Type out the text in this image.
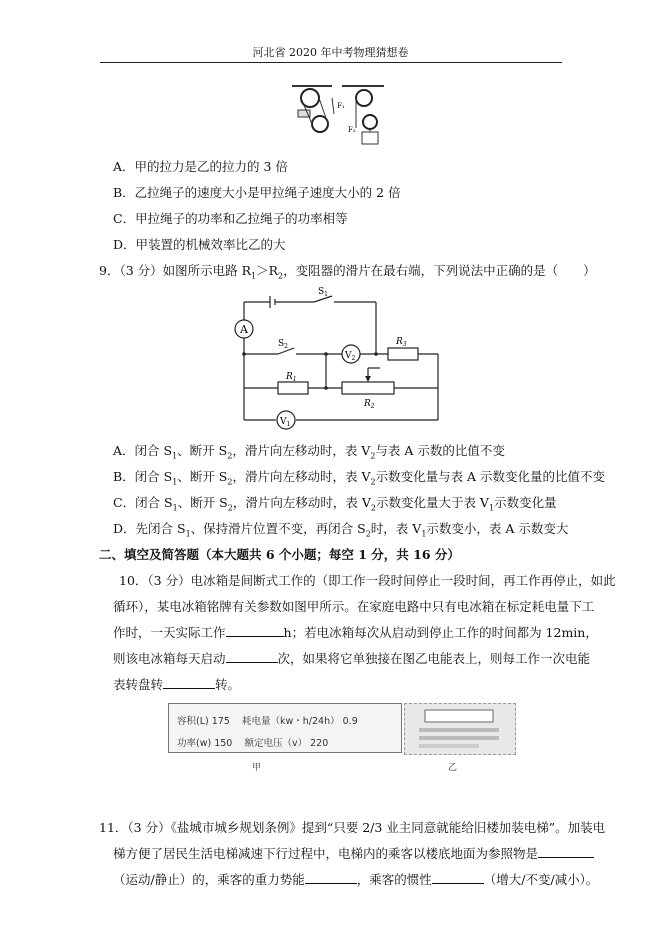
河北省 2020 年中考物理猜想卷
F₁
F₂
A．甲的拉力是乙的拉力的 3 倍
B．乙拉绳子的速度大小是甲拉绳子速度大小的 2 倍
C．甲拉绳子的功率和乙拉绳子的功率相等
D．甲装置的机械效率比乙的大
9．（3 分）如图所示电路 $R_1>R_2$，变阻器的滑片在最右端，下列说法中正确的是（　　）
A
$S_1$
$S_2$
$V_2$
$R_3$
$R_1$
$R_2$
$V_1$
A．闭合 $S_1$、断开 $S_2$，滑片向左移动时，表 $V_2$与表 A 示数的比值不变
B．闭合 $S_1$、断开 $S_2$，滑片向左移动时，表 $V_2$示数变化量与表 A 示数变化量的比值不变
C．闭合 $S_1$、断开 $S_2$，滑片向左移动时，表 $V_2$示数变化量大于表 $V_1$示数变化量
D．先闭合 $S_1$、保持滑片位置不变，再闭合 $S_2$时，表 $V_1$示数变小，表 A 示数变大
二、填空及简答题（本大题共 6 个小题；每空 1 分，共 16 分）
10．（3 分）电冰箱是间断式工作的（即工作一段时间停止一段时间，再工作再停止，如此
循环），某电冰箱铭牌有关参数如图甲所示。在家庭电路中只有电冰箱在标定耗电量下工
作时，一天实际工作	h；若电冰箱每次从启动到停止工作的时间都为 12min，
则该电冰箱每天启动	次，如果将它单独接在图乙电能表上，则每工作一次电能
表转盘转	转。
容积(L) 175 耗电量（kw・h/24h） 0.9
功率(w) 150 额定电压（v） 220
甲	乙
11．（3 分）《盐城市城乡规划条例》提到“只要 2/3 业主同意就能给旧楼加装电梯”。加装电
梯方便了居民生活电梯减速下行过程中，电梯内的乘客以楼底地面为参照物是
（运动/静止）的，乘客的重力势能	，乘客的惯性	（增大/不变/减小）。
